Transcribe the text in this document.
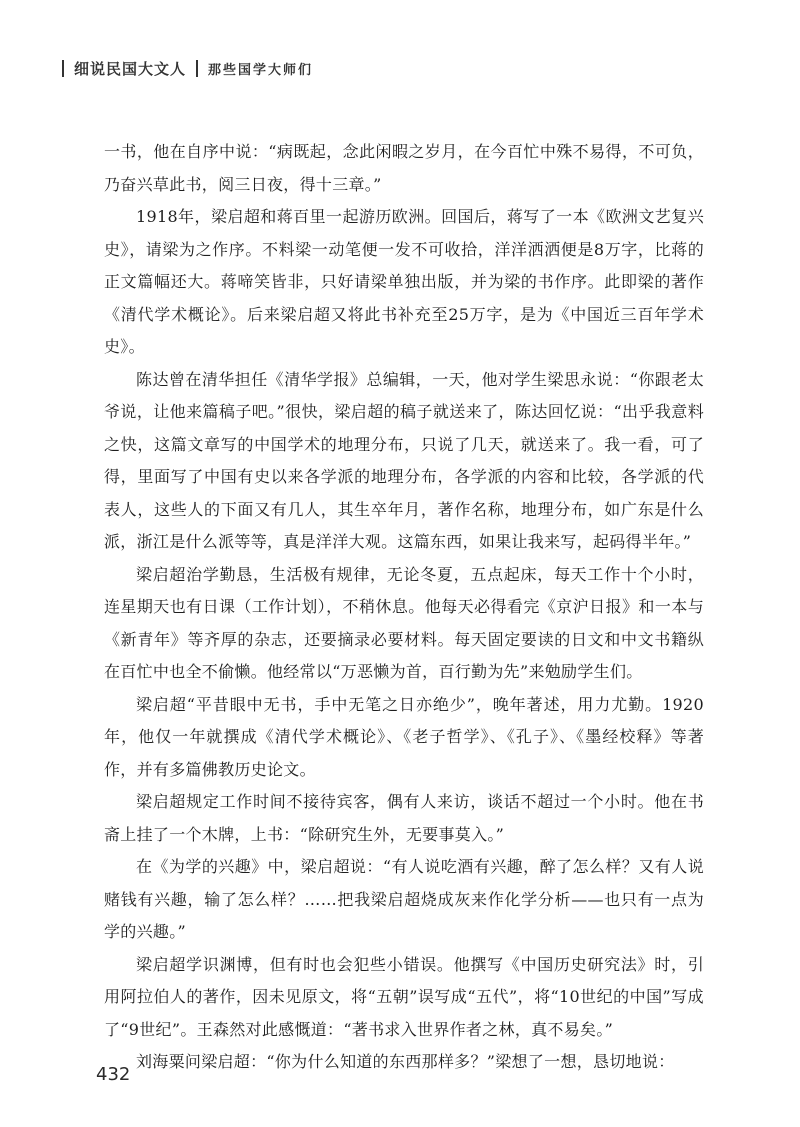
细说民国大文人 那些国学大师们

一书，他在自序中说：“病既起，念此闲暇之岁月，在今百忙中殊不易得，不可负，乃奋兴草此书，阅三日夜，得十三章。”

1918年，梁启超和蒋百里一起游历欧洲。回国后，蒋写了一本《欧洲文艺复兴史》，请梁为之作序。不料梁一动笔便一发不可收拾，洋洋洒洒便是8万字，比蒋的正文篇幅还大。蒋啼笑皆非，只好请梁单独出版，并为梁的书作序。此即梁的著作《清代学术概论》。后来梁启超又将此书补充至25万字，是为《中国近三百年学术史》。

陈达曾在清华担任《清华学报》总编辑，一天，他对学生梁思永说：“你跟老太爷说，让他来篇稿子吧。”很快，梁启超的稿子就送来了，陈达回忆说：“出乎我意料之快，这篇文章写的中国学术的地理分布，只说了几天，就送来了。我一看，可了得，里面写了中国有史以来各学派的地理分布，各学派的内容和比较，各学派的代表人，这些人的下面又有几人，其生卒年月，著作名称，地理分布，如广东是什么派，浙江是什么派等等，真是洋洋大观。这篇东西，如果让我来写，起码得半年。”

梁启超治学勤恳，生活极有规律，无论冬夏，五点起床，每天工作十个小时，连星期天也有日课（工作计划），不稍休息。他每天必得看完《京沪日报》和一本与《新青年》等齐厚的杂志，还要摘录必要材料。每天固定要读的日文和中文书籍纵在百忙中也全不偷懒。他经常以“万恶懒为首，百行勤为先”来勉励学生们。

梁启超“平昔眼中无书，手中无笔之日亦绝少”，晚年著述，用力尤勤。1920年，他仅一年就撰成《清代学术概论》、《老子哲学》、《孔子》、《墨经校释》等著作，并有多篇佛教历史论文。

梁启超规定工作时间不接待宾客，偶有人来访，谈话不超过一个小时。他在书斋上挂了一个木牌，上书：“除研究生外，无要事莫入。”

在《为学的兴趣》中，梁启超说：“有人说吃酒有兴趣，醉了怎么样？又有人说赌钱有兴趣，输了怎么样？……把我梁启超烧成灰来作化学分析——也只有一点为学的兴趣。”

梁启超学识渊博，但有时也会犯些小错误。他撰写《中国历史研究法》时，引用阿拉伯人的著作，因未见原文，将“五朝”误写成“五代”，将“10世纪的中国”写成了“9世纪”。王森然对此感慨道：“著书求入世界作者之林，真不易矣。”

刘海粟问梁启超：“你为什么知道的东西那样多？”梁想了一想，恳切地说：

432
